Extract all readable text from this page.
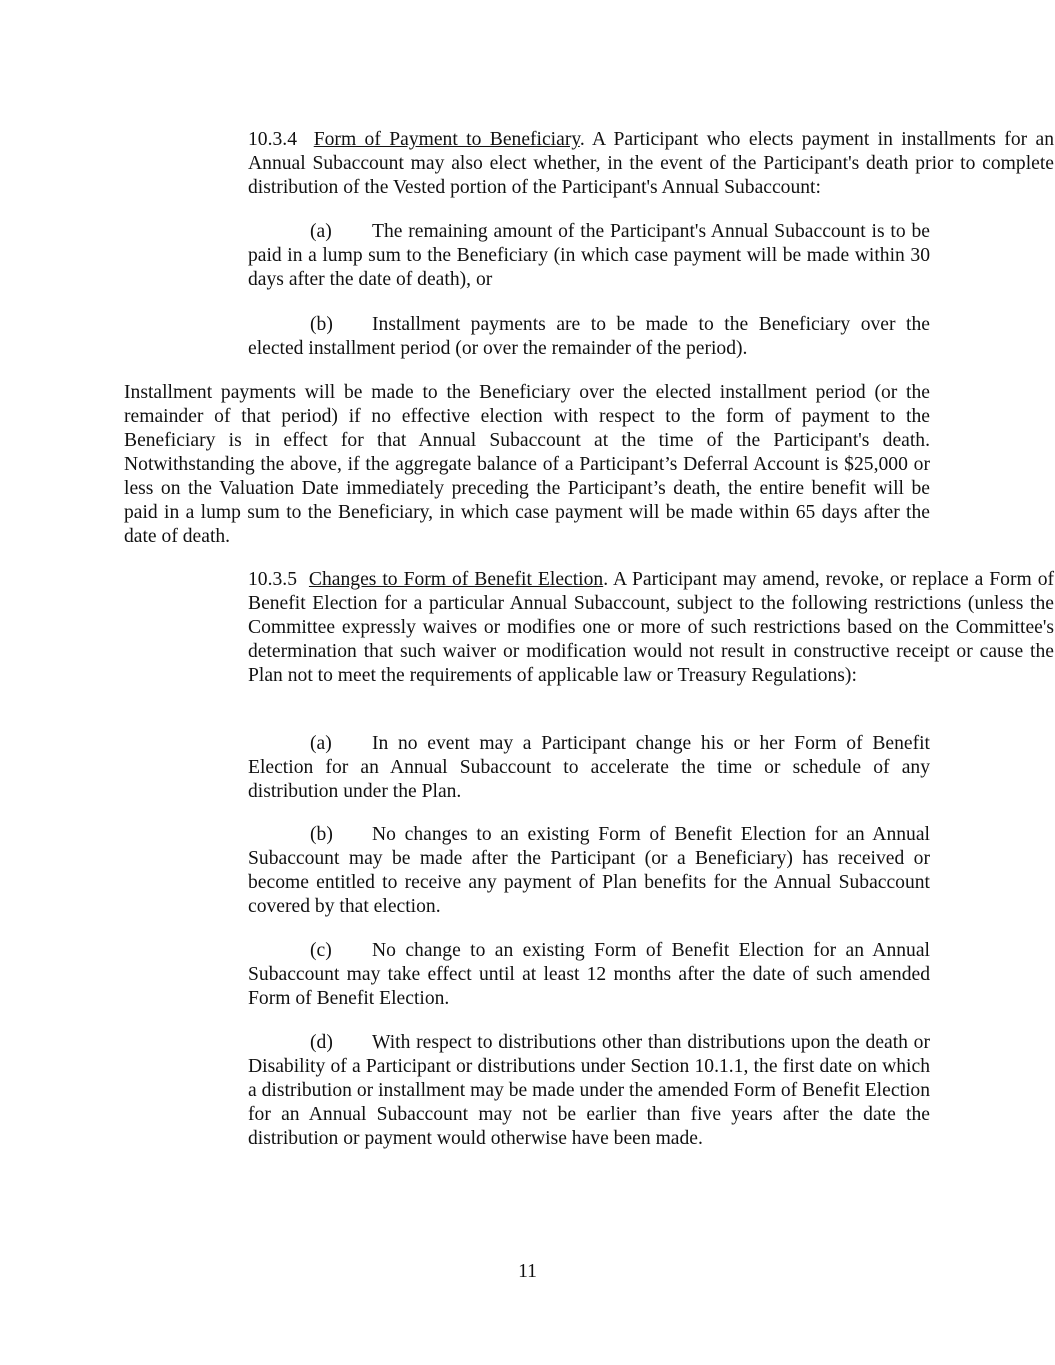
10.3.4 Form of Payment to Beneficiary. A Participant who elects payment in installments for an Annual Subaccount may also elect whether, in the event of the Participant's death prior to complete distribution of the Vested portion of the Participant's Annual Subaccount:

(a) The remaining amount of the Participant's Annual Subaccount is to be paid in a lump sum to the Beneficiary (in which case payment will be made within 30 days after the date of death), or

(b) Installment payments are to be made to the Beneficiary over the elected installment period (or over the remainder of the period).

Installment payments will be made to the Beneficiary over the elected installment period (or the remainder of that period) if no effective election with respect to the form of payment to the Beneficiary is in effect for that Annual Subaccount at the time of the Participant's death. Notwithstanding the above, if the aggregate balance of a Participant’s Deferral Account is $25,000 or less on the Valuation Date immediately preceding the Participant’s death, the entire benefit will be paid in a lump sum to the Beneficiary, in which case payment will be made within 65 days after the date of death.

10.3.5 Changes to Form of Benefit Election. A Participant may amend, revoke, or replace a Form of Benefit Election for a particular Annual Subaccount, subject to the following restrictions (unless the Committee expressly waives or modifies one or more of such restrictions based on the Committee's determination that such waiver or modification would not result in constructive receipt or cause the Plan not to meet the requirements of applicable law or Treasury Regulations):

(a) In no event may a Participant change his or her Form of Benefit Election for an Annual Subaccount to accelerate the time or schedule of any distribution under the Plan.

(b) No changes to an existing Form of Benefit Election for an Annual Subaccount may be made after the Participant (or a Beneficiary) has received or become entitled to receive any payment of Plan benefits for the Annual Subaccount covered by that election.

(c) No change to an existing Form of Benefit Election for an Annual Subaccount may take effect until at least 12 months after the date of such amended Form of Benefit Election.

(d) With respect to distributions other than distributions upon the death or Disability of a Participant or distributions under Section 10.1.1, the first date on which a distribution or installment may be made under the amended Form of Benefit Election for an Annual Subaccount may not be earlier than five years after the date the distribution or payment would otherwise have been made.

11
